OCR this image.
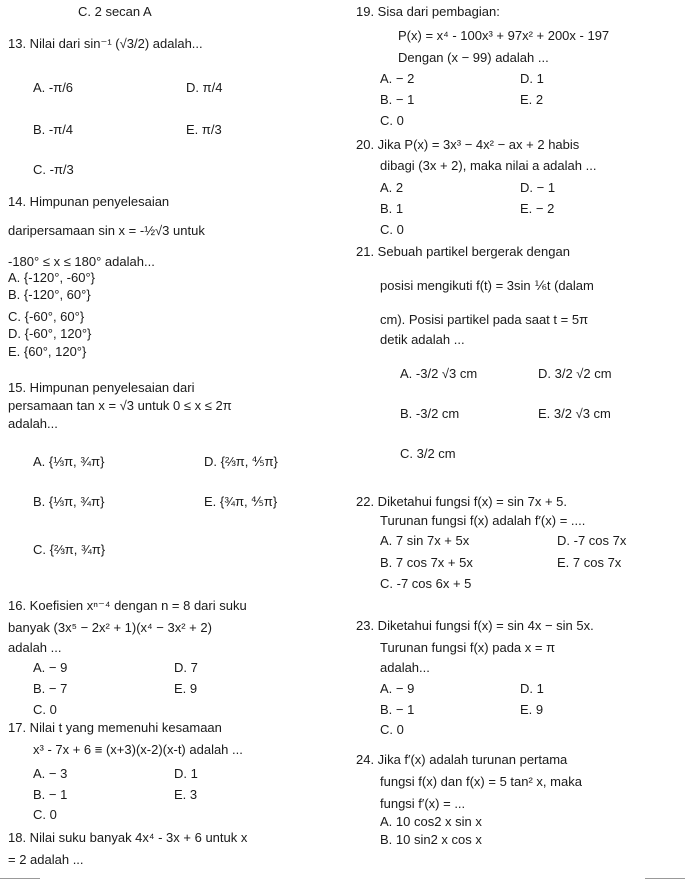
C. 2 secan A
13. Nilai dari sin⁻¹ (√3/2) adalah...
A. -π/6
B. -π/4
C. -π/3
D. π/4
E. π/3
14. Himpunan penyelesaian
daripersamaan sin x = -½√3 untuk
-180° ≤ x ≤ 180° adalah...
A. {-120°, -60°}
B. {-120°, 60°}
C. {-60°, 60°}
D. {-60°, 120°}
E. {60°, 120°}
15. Himpunan penyelesaian dari
persamaan tan x = √3 untuk 0 ≤ x ≤ 2π
adalah...
A. {⅓π, ¾π}
B. {⅓π, ¾π}
C. {⅔π, ¾π}
D. {⅔π, ⅘π}
E. {¾π, ⅘π}
16. Koefisien xⁿ⁻⁴ dengan n = 8 dari suku
banyak (3x⁵ − 2x² + 1)(x⁴ − 3x² + 2)
adalah ...
A. − 9
B. − 7
C. 0
D. 7
E. 9
17. Nilai t yang memenuhi kesamaan
x³ - 7x + 6 ≡ (x+3)(x-2)(x-t) adalah ...
A. − 3
B. − 1
C. 0
D. 1
E. 3
18. Nilai suku banyak 4x⁴ - 3x + 6 untuk x
= 2 adalah ...
19. Sisa dari pembagian:
P(x) = x⁴ - 100x³ + 97x² + 200x - 197
Dengan (x − 99) adalah ...
A. − 2
B. − 1
C. 0
D. 1
E. 2
20. Jika P(x) = 3x³ − 4x² − ax + 2 habis
dibagi (3x + 2), maka nilai a adalah ...
A. 2
B. 1
C. 0
D. − 1
E. − 2
21. Sebuah partikel bergerak dengan
posisi mengikuti f(t) = 3sin ⅙t (dalam
cm). Posisi partikel pada saat t = 5π
detik adalah ...
A. -3/2 √3 cm
B. -3/2 cm
C. 3/2 cm
D. 3/2 √2 cm
E. 3/2 √3 cm
22. Diketahui fungsi f(x) = sin 7x + 5.
Turunan fungsi f(x) adalah f′(x) = ....
A. 7 sin 7x + 5x
B. 7 cos 7x + 5x
C. -7 cos 6x + 5
D. -7 cos 7x
E. 7 cos 7x
23. Diketahui fungsi f(x) = sin 4x − sin 5x.
Turunan fungsi f(x) pada x = π
adalah...
A. − 9
B. − 1
C. 0
D. 1
E. 9
24. Jika f′(x) adalah turunan pertama
fungsi f(x) dan f(x) = 5 tan² x, maka
fungsi f′(x) = ...
A. 10 cos2 x sin x
B. 10 sin2 x cos x
